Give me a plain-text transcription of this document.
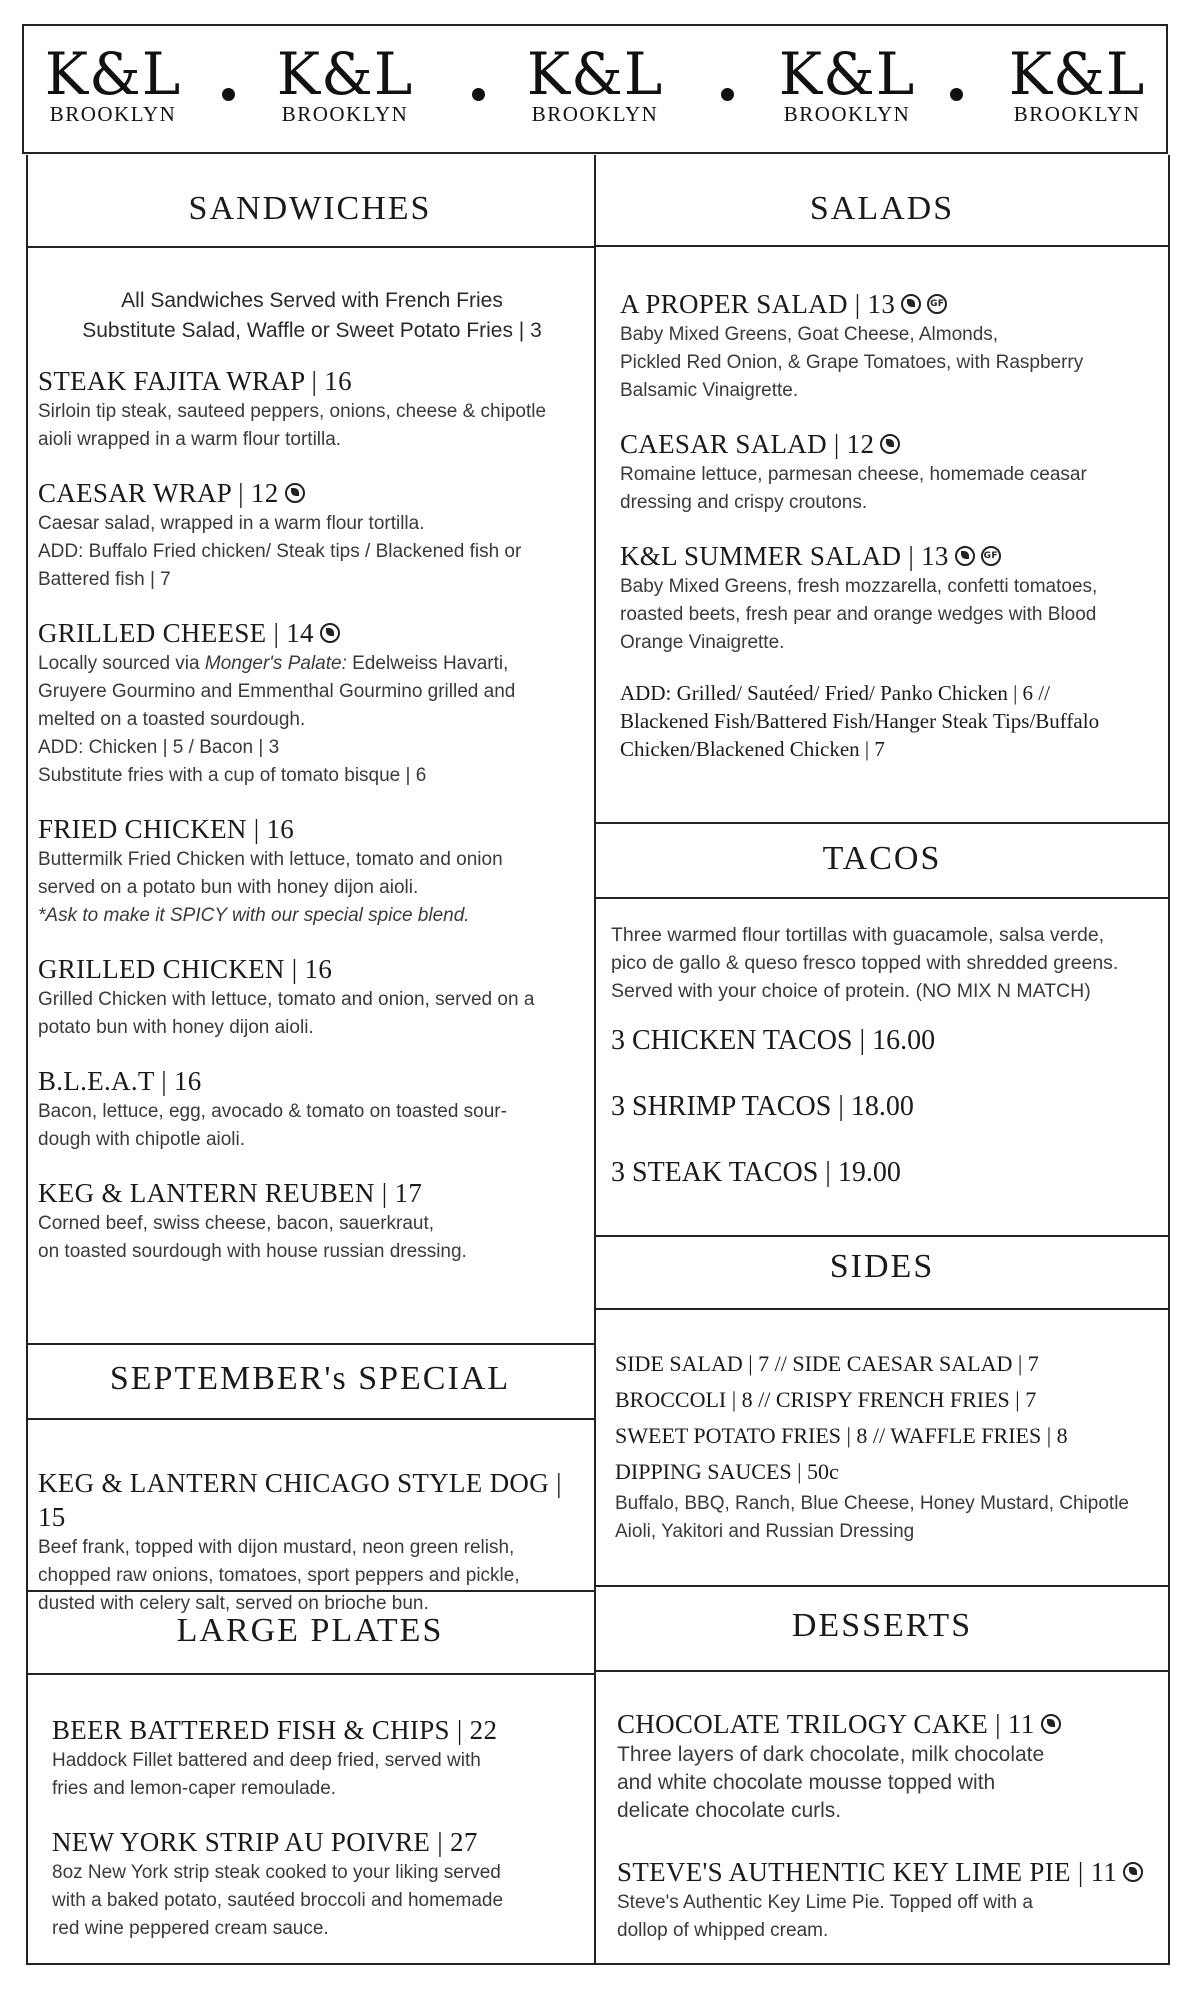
K&L
BROOKLYN
K&L
BROOKLYN
K&L
BROOKLYN
K&L
BROOKLYN
K&L
BROOKLYN
SANDWICHES	SALADS
TACOS
SIDES
SEPTEMBER's SPECIAL
LARGE PLATES	DESSERTS
All Sandwiches Served with French Fries
Substitute Salad, Waffle or Sweet Potato Fries | 3
STEAK FAJITA WRAP | 16
Sirloin tip steak, sauteed peppers, onions, cheese & chipotle
aioli wrapped in a warm flour tortilla.
CAESAR WRAP | 12
Caesar salad, wrapped in a warm flour tortilla.
ADD: Buffalo Fried chicken/ Steak tips / Blackened fish or
Battered fish | 7
GRILLED CHEESE | 14
Locally sourced via Monger's Palate: Edelweiss Havarti,
Gruyere Gourmino and Emmenthal Gourmino grilled and
melted on a toasted sourdough.
ADD: Chicken | 5 / Bacon | 3
Substitute fries with a cup of tomato bisque | 6
FRIED CHICKEN | 16
Buttermilk Fried Chicken with lettuce, tomato and onion
served on a potato bun with honey dijon aioli.
*Ask to make it SPICY with our special spice blend.
GRILLED CHICKEN | 16
Grilled Chicken with lettuce, tomato and onion, served on a
potato bun with honey dijon aioli.
B.L.E.A.T | 16
Bacon, lettuce, egg, avocado & tomato on toasted sour-
dough with chipotle aioli.
KEG & LANTERN REUBEN | 17
Corned beef, swiss cheese, bacon, sauerkraut,
on toasted sourdough with house russian dressing.
KEG & LANTERN CHICAGO STYLE DOG | 15
Beef frank, topped with dijon mustard, neon green relish,
chopped raw onions, tomatoes, sport peppers and pickle,
dusted with celery salt, served on brioche bun.
BEER BATTERED FISH & CHIPS | 22
Haddock Fillet battered and deep fried, served with
fries and lemon-caper remoulade.
NEW YORK STRIP AU POIVRE | 27
8oz New York strip steak cooked to your liking served
with a baked potato, sautéed broccoli and homemade
red wine peppered cream sauce.
A PROPER SALAD | 13	GF
Baby Mixed Greens, Goat Cheese, Almonds,
Pickled Red Onion, & Grape Tomatoes, with Raspberry
Balsamic Vinaigrette.
CAESAR SALAD | 12
Romaine lettuce, parmesan cheese, homemade ceasar
dressing and crispy croutons.
K&L SUMMER SALAD | 13	GF
Baby Mixed Greens, fresh mozzarella, confetti tomatoes,
roasted beets, fresh pear and orange wedges with Blood
Orange Vinaigrette.
ADD: Grilled/ Sautéed/ Fried/ Panko Chicken | 6 //
Blackened Fish/Battered Fish/Hanger Steak Tips/Buffalo
Chicken/Blackened Chicken | 7
Three warmed flour tortillas with guacamole, salsa verde,
pico de gallo & queso fresco topped with shredded greens.
Served with your choice of protein. (NO MIX N MATCH)
3 CHICKEN TACOS | 16.00
3 SHRIMP TACOS | 18.00
3 STEAK TACOS | 19.00
SIDE SALAD | 7 // SIDE CAESAR SALAD | 7
BROCCOLI | 8 // CRISPY FRENCH FRIES | 7
SWEET POTATO FRIES | 8 // WAFFLE FRIES | 8
DIPPING SAUCES | 50c
Buffalo, BBQ, Ranch, Blue Cheese, Honey Mustard, Chipotle
Aioli, Yakitori and Russian Dressing
CHOCOLATE TRILOGY CAKE | 11
Three layers of dark chocolate, milk chocolate
and white chocolate mousse topped with
delicate chocolate curls.
STEVE'S AUTHENTIC KEY LIME PIE | 11
Steve's Authentic Key Lime Pie. Topped off with a
dollop of whipped cream.
